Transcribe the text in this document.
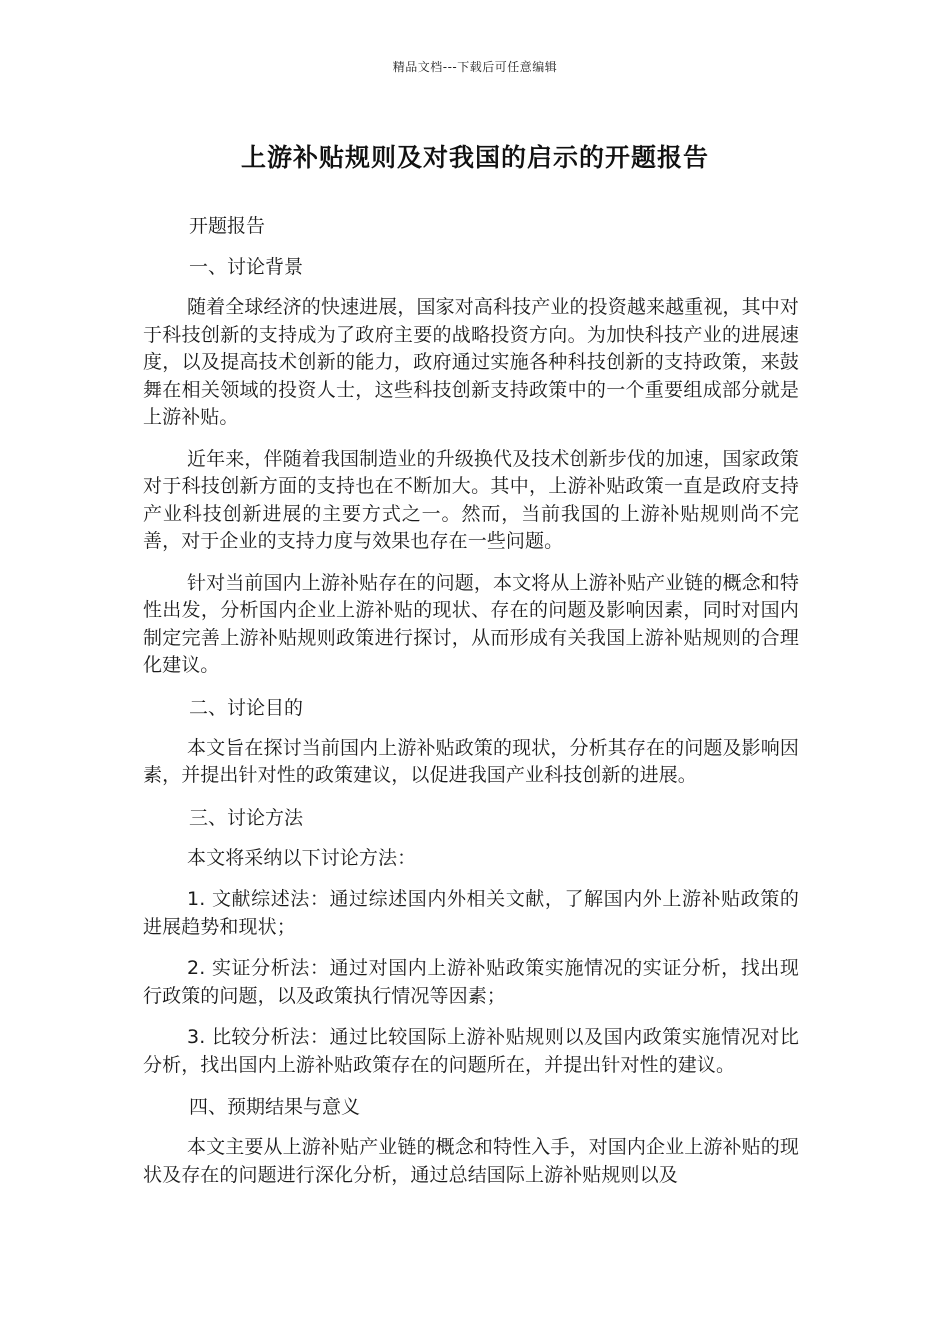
精品文档---下载后可任意编辑
上游补贴规则及对我国的启示的开题报告
开题报告
一、讨论背景

随着全球经济的快速进展，国家对高科技产业的投资越来越重视，其中对于科技创新的支持成为了政府主要的战略投资方向。为加快科技产业的进展速度，以及提高技术创新的能力，政府通过实施各种科技创新的支持政策，来鼓舞在相关领域的投资人士，这些科技创新支持政策中的一个重要组成部分就是上游补贴。

近年来，伴随着我国制造业的升级换代及技术创新步伐的加速，国家政策对于科技创新方面的支持也在不断加大。其中，上游补贴政策一直是政府支持产业科技创新进展的主要方式之一。然而，当前我国的上游补贴规则尚不完善，对于企业的支持力度与效果也存在一些问题。

针对当前国内上游补贴存在的问题，本文将从上游补贴产业链的概念和特性出发，分析国内企业上游补贴的现状、存在的问题及影响因素，同时对国内制定完善上游补贴规则政策进行探讨，从而形成有关我国上游补贴规则的合理化建议。

二、讨论目的

本文旨在探讨当前国内上游补贴政策的现状，分析其存在的问题及影响因素，并提出针对性的政策建议，以促进我国产业科技创新的进展。

三、讨论方法

本文将采纳以下讨论方法：

1. 文献综述法：通过综述国内外相关文献，了解国内外上游补贴政策的进展趋势和现状；

2. 实证分析法：通过对国内上游补贴政策实施情况的实证分析，找出现行政策的问题，以及政策执行情况等因素；

3. 比较分析法：通过比较国际上游补贴规则以及国内政策实施情况对比分析，找出国内上游补贴政策存在的问题所在，并提出针对性的建议。

四、预期结果与意义

本文主要从上游补贴产业链的概念和特性入手，对国内企业上游补贴的现状及存在的问题进行深化分析，通过总结国际上游补贴规则以及
